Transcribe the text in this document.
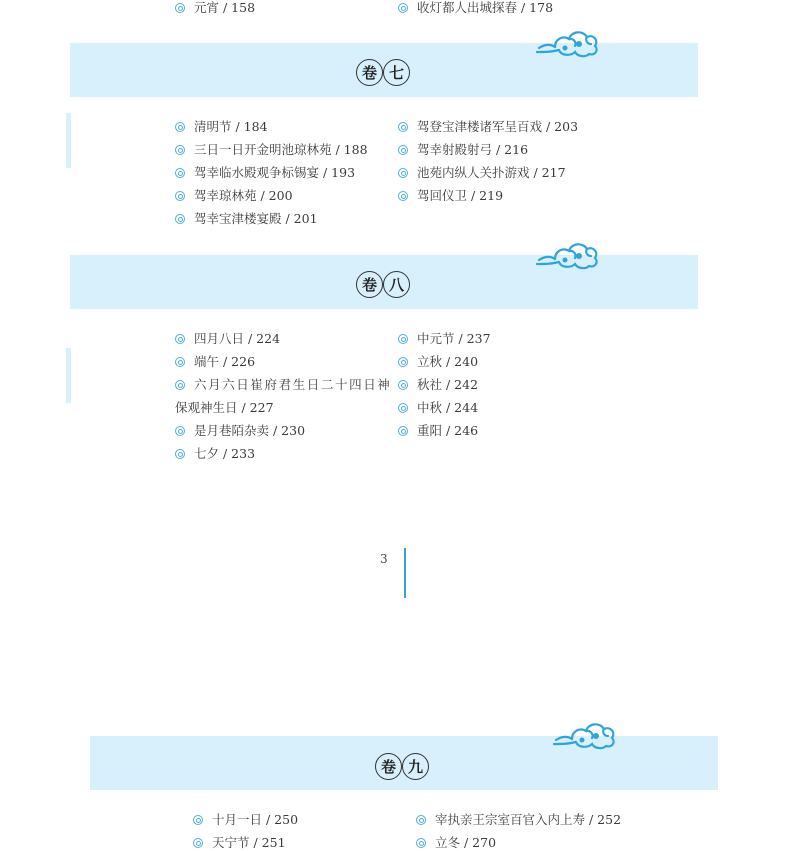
元宵 / 158	收灯都人出城探春 / 178
卷 七
清明节 / 184
三日一日开金明池琼林苑 / 188
驾幸临水殿观争标锡宴 / 193
驾幸琼林苑 / 200
驾幸宝津楼宴殿 / 201
驾登宝津楼诸军呈百戏 / 203
驾幸射殿射弓 / 216
池苑内纵人关扑游戏 / 217
驾回仪卫 / 219
卷 八
四月八日 / 224
端午 / 226
六月六日崔府君生日二十四日神
保观神生日 / 227
是月巷陌杂卖 / 230
七夕 / 233
中元节 / 237
立秋 / 240
秋社 / 242
中秋 / 244
重阳 / 246
3
卷 九
十月一日 / 250
天宁节 / 251
宰执亲王宗室百官入内上寿 / 252
立冬 / 270
